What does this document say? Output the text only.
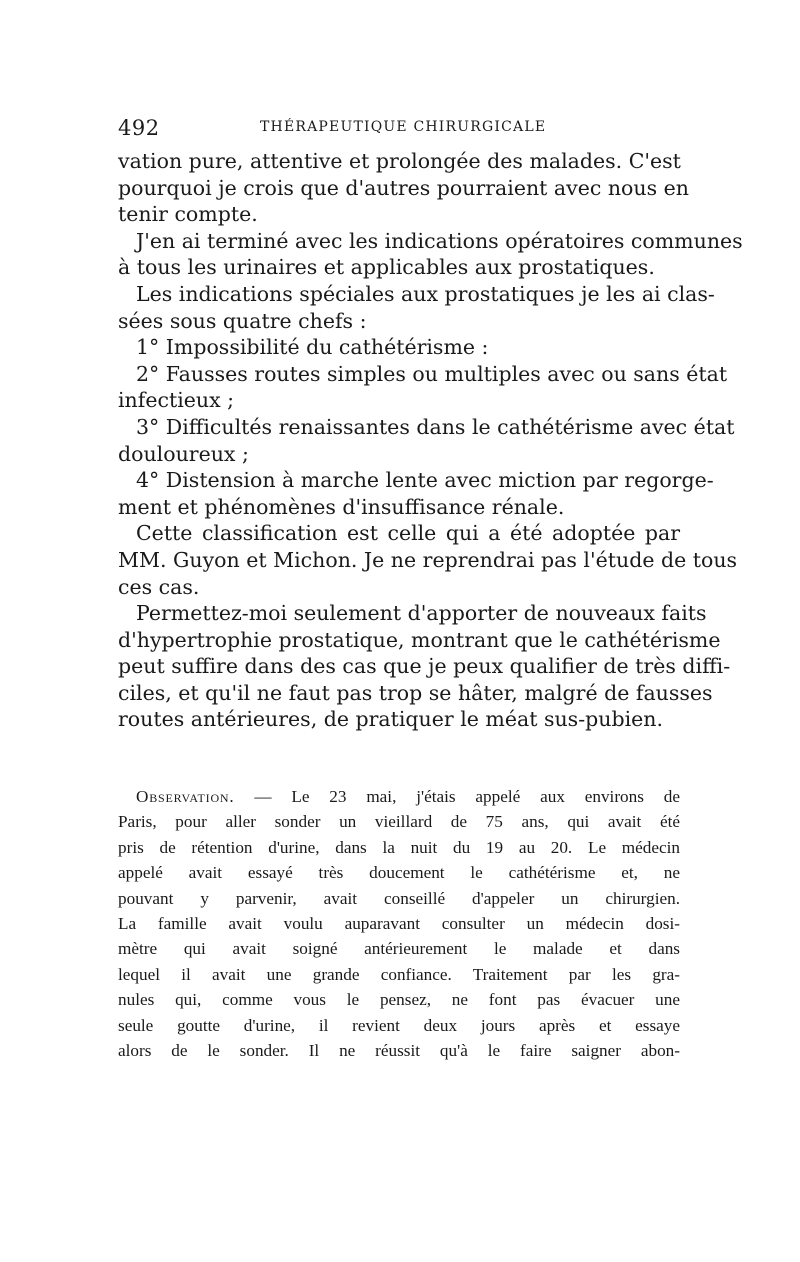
492	THÉRAPEUTIQUE CHIRURGICALE
vation pure, attentive et prolongée des malades. C'est
pourquoi je crois que d'autres pourraient avec nous en
tenir compte.
J'en ai terminé avec les indications opératoires communes
à tous les urinaires et applicables aux prostatiques.
Les indications spéciales aux prostatiques je les ai clas-
sées sous quatre chefs :
1° Impossibilité du cathétérisme :
2° Fausses routes simples ou multiples avec ou sans état
infectieux ;
3° Difficultés renaissantes dans le cathétérisme avec état
douloureux ;
4° Distension à marche lente avec miction par regorge-
ment et phénomènes d'insuffisance rénale.
Cette classification est celle qui a été adoptée par
MM. Guyon et Michon. Je ne reprendrai pas l'étude de tous
ces cas.
Permettez-moi seulement d'apporter de nouveaux faits
d'hypertrophie prostatique, montrant que le cathétérisme
peut suffire dans des cas que je peux qualifier de très diffi-
ciles, et qu'il ne faut pas trop se hâter, malgré de fausses
routes antérieures, de pratiquer le méat sus-pubien.
Observation. — Le 23 mai, j'étais appelé aux environs de
Paris, pour aller sonder un vieillard de 75 ans, qui avait été
pris de rétention d'urine, dans la nuit du 19 au 20. Le médecin
appelé avait essayé très doucement le cathétérisme et, ne
pouvant y parvenir, avait conseillé d'appeler un chirurgien.
La famille avait voulu auparavant consulter un médecin dosi-
mètre qui avait soigné antérieurement le malade et dans
lequel il avait une grande confiance. Traitement par les gra-
nules qui, comme vous le pensez, ne font pas évacuer une
seule goutte d'urine, il revient deux jours après et essaye
alors de le sonder. Il ne réussit qu'à le faire saigner abon-
